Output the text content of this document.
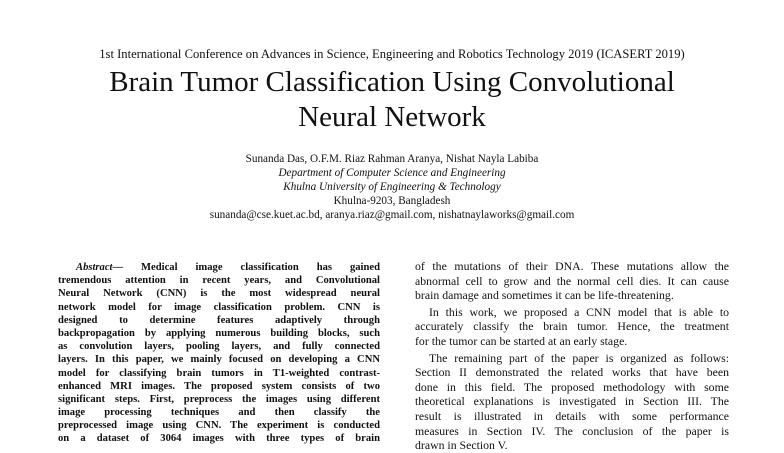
1st International Conference on Advances in Science, Engineering and Robotics Technology 2019 (ICASERT 2019)
Brain Tumor Classification Using Convolutional
Neural Network
Sunanda Das, O.F.M. Riaz Rahman Aranya, Nishat Nayla Labiba
Department of Computer Science and Engineering
Khulna University of Engineering & Technology
Khulna-9203, Bangladesh
sunanda@cse.kuet.ac.bd, aranya.riaz@gmail.com, nishatnaylaworks@gmail.com
Abstract— Medical image classification has gained
tremendous attention in recent years, and Convolutional
Neural Network (CNN) is the most widespread neural
network model for image classification problem. CNN is
designed to determine features adaptively through
backpropagation by applying numerous building blocks, such
as convolution layers, pooling layers, and fully connected
layers. In this paper, we mainly focused on developing a CNN
model for classifying brain tumors in T1-weighted contrast-
enhanced MRI images. The proposed system consists of two
significant steps. First, preprocess the images using different
image processing techniques and then classify the
preprocessed image using CNN. The experiment is conducted
on a dataset of 3064 images with three types of brain
of the mutations of their DNA. These mutations allow the
abnormal cell to grow and the normal cell dies. It can cause
brain damage and sometimes it can be life-threatening.
In this work, we proposed a CNN model that is able to
accurately classify the brain tumor. Hence, the treatment
for the tumor can be started at an early stage.
The remaining part of the paper is organized as follows:
Section II demonstrated the related works that have been
done in this field. The proposed methodology with some
theoretical explanations is investigated in Section III. The
result is illustrated in details with some performance
measures in Section IV. The conclusion of the paper is
drawn in Section V.
